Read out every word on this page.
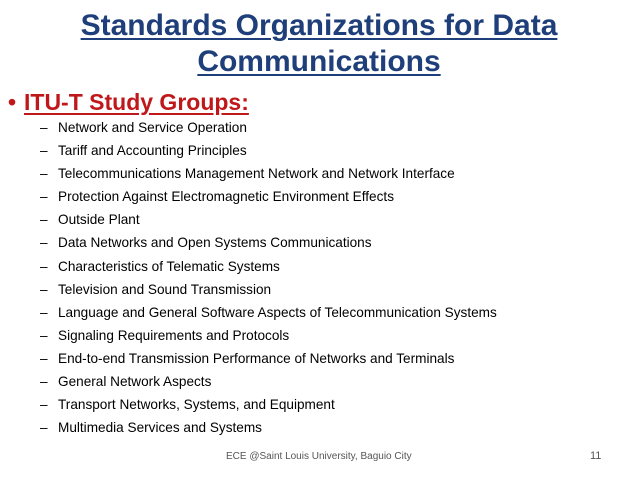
Standards Organizations for Data
Communications
• ITU-T Study Groups:
– Network and Service Operation
– Tariff and Accounting Principles
– Telecommunications Management Network and Network Interface
– Protection Against Electromagnetic Environment Effects
– Outside Plant
– Data Networks and Open Systems Communications
– Characteristics of Telematic Systems
– Television and Sound Transmission
– Language and General Software Aspects of Telecommunication Systems
– Signaling Requirements and Protocols
– End-to-end Transmission Performance of Networks and Terminals
– General Network Aspects
– Transport Networks, Systems, and Equipment
– Multimedia Services and Systems
ECE @Saint Louis University, Baguio City	11
